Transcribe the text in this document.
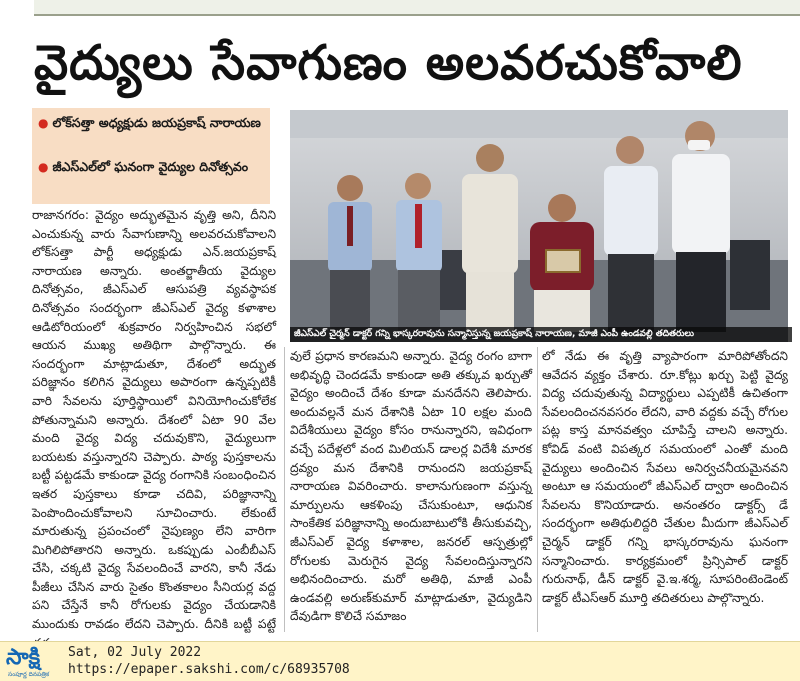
వైద్యులు సేవాగుణం అలవరచుకోవాలి
● లోక్‌సత్తా అధ్యక్షుడు జయప్రకాష్ నారాయణ
● జీఎస్ఎల్‌లో ఘనంగా వైద్యుల దినోత్సవం
జీఎస్ఎల్ చైర్మన్ డాక్టర్ గన్ని భాస్కరరావును సన్మానిస్తున్న జయప్రకాష్ నారాయణ, మాజీ ఎంపీ ఉండవల్లి తదితరులు
రాజానగరం: వైద్యం అద్భుతమైన వృత్తి అని, దీనిని ఎంచుకున్న వారు సేవాగుణాన్ని అలవరచుకోవాలని లోక్‌సత్తా పార్టీ అధ్యక్షుడు ఎన్.జయప్రకాష్ నారాయణ అన్నారు. అంతర్జాతీయ వైద్యుల దినోత్సవం, జీఎస్ఎల్ ఆసుపత్రి వ్యవస్థాపక దినోత్సవం సందర్భంగా జీఎస్ఎల్ వైద్య కళాశాల ఆడిటోరియంలో శుక్రవారం నిర్వహించిన సభలో ఆయన ముఖ్య అతిథిగా పాల్గొన్నారు. ఈ సందర్భంగా మాట్లాడుతూ, దేశంలో అద్భుత పరిజ్ఞానం కలిగిన వైద్యులు అపారంగా ఉన్నప్పటికీ వారి సేవలను పూర్తిస్థాయిలో వినియోగించుకోలేక పోతున్నామని అన్నారు. దేశంలో ఏటా 90 వేల మంది వైద్య విద్య చదువుకొని, వైద్యులుగా బయటకు వస్తున్నారని చెప్పారు. పాఠ్య పుస్తకాలను బట్టీ పట్టడమే కాకుండా వైద్య రంగానికి సంబంధించిన ఇతర పుస్తకాలు కూడా చదివి, పరిజ్ఞానాన్ని పెంపొందించుకోవాలని సూచించారు. లేకుంటే మారుతున్న ప్రపంచంలో నైపుణ్యం లేని వారిగా మిగిలిపోతారని అన్నారు. ఒకప్పుడు ఎంబీబీఎస్ చేసి, చక్కటి వైద్య సేవలందించే వారని, కానీ నేడు పీజీలు చేసిన వారు సైతం కొంతకాలం సీనియర్ల వద్ద పని చేస్తేనే కానీ రోగులకు వైద్యం చేయడానికి ముందుకు రావడం లేదని చెప్పారు. దీనికి బట్టీ పట్టే
వులే ప్రధాన కారణమని అన్నారు. వైద్య రంగం బాగా అభివృద్ధి చెందడమే కాకుండా అతి తక్కువ ఖర్చుతో వైద్యం అందించే దేశం కూడా మనదేనని తెలిపారు. అందువల్లనే మన దేశానికి ఏటా 10 లక్షల మంది విదేశీయులు వైద్యం కోసం రానున్నారని, ఇవిధంగా వచ్చే పదేళ్లలో వంద మిలియన్ డాలర్ల విదేశీ మారక ద్రవ్యం మన దేశానికి రానుందని జయప్రకాష్ నారాయణ వివరించారు. కాలానుగుణంగా వస్తున్న మార్పులను ఆకళింపు చేసుకుంటూ, ఆధునిక సాంకేతిక పరిజ్ఞానాన్ని అందుబాటులోకి తీసుకువచ్చి, జీఎస్ఎల్ వైద్య కళాశాల, జనరల్ ఆస్పత్రుల్లో రోగులకు మెరుగైన వైద్య సేవలందిస్తున్నారని అభినందించారు. మరో అతిథి, మాజీ ఎంపీ ఉండవల్లి అరుణ్‌కుమార్ మాట్లాడుతూ, వైద్యుడిని దేవుడిగా కొలిచే సమాజం
లో నేడు ఈ వృత్తి వ్యాపారంగా మారిపోతోందని ఆవేదన వ్యక్తం చేశారు. రూ.కోట్లు ఖర్చు పెట్టి వైద్య విద్య చదువుతున్న విద్యార్థులు ఎప్పటికీ ఉచితంగా సేవలందించనవసరం లేదని, వారి వద్దకు వచ్చే రోగుల పట్ల కాస్త మానవత్వం చూపిస్తే చాలని అన్నారు. కోవిడ్ వంటి విపత్కర సమయంలో ఎంతో మంది వైద్యులు అందించిన సేవలు అనిర్వచనీయమైనవని అంటూ ఆ సమయంలో జీఎస్ఎల్ ద్వారా అందించిన సేవలను కొనియాడారు. అనంతరం డాక్టర్స్ డే సందర్భంగా అతిథులిద్దరి చేతుల మీదుగా జీఎస్ఎల్ చైర్మన్ డాక్టర్ గన్ని భాస్కరరావును ఘనంగా సన్మానించారు. కార్యక్రమంలో ప్రిన్సిపాల్ డాక్టర్ గురునాథ్, డీన్ డాక్టర్ వై.ఇ.శర్మ, సూపరింటెండెంట్ డాక్టర్ టీఎస్ఆర్ మూర్తి తదితరులు పాల్గొన్నారు.
సాక్షి
సంపూర్ణ దినపత్రిక
Sat, 02 July 2022
https://epaper.sakshi.com/c/68935708
